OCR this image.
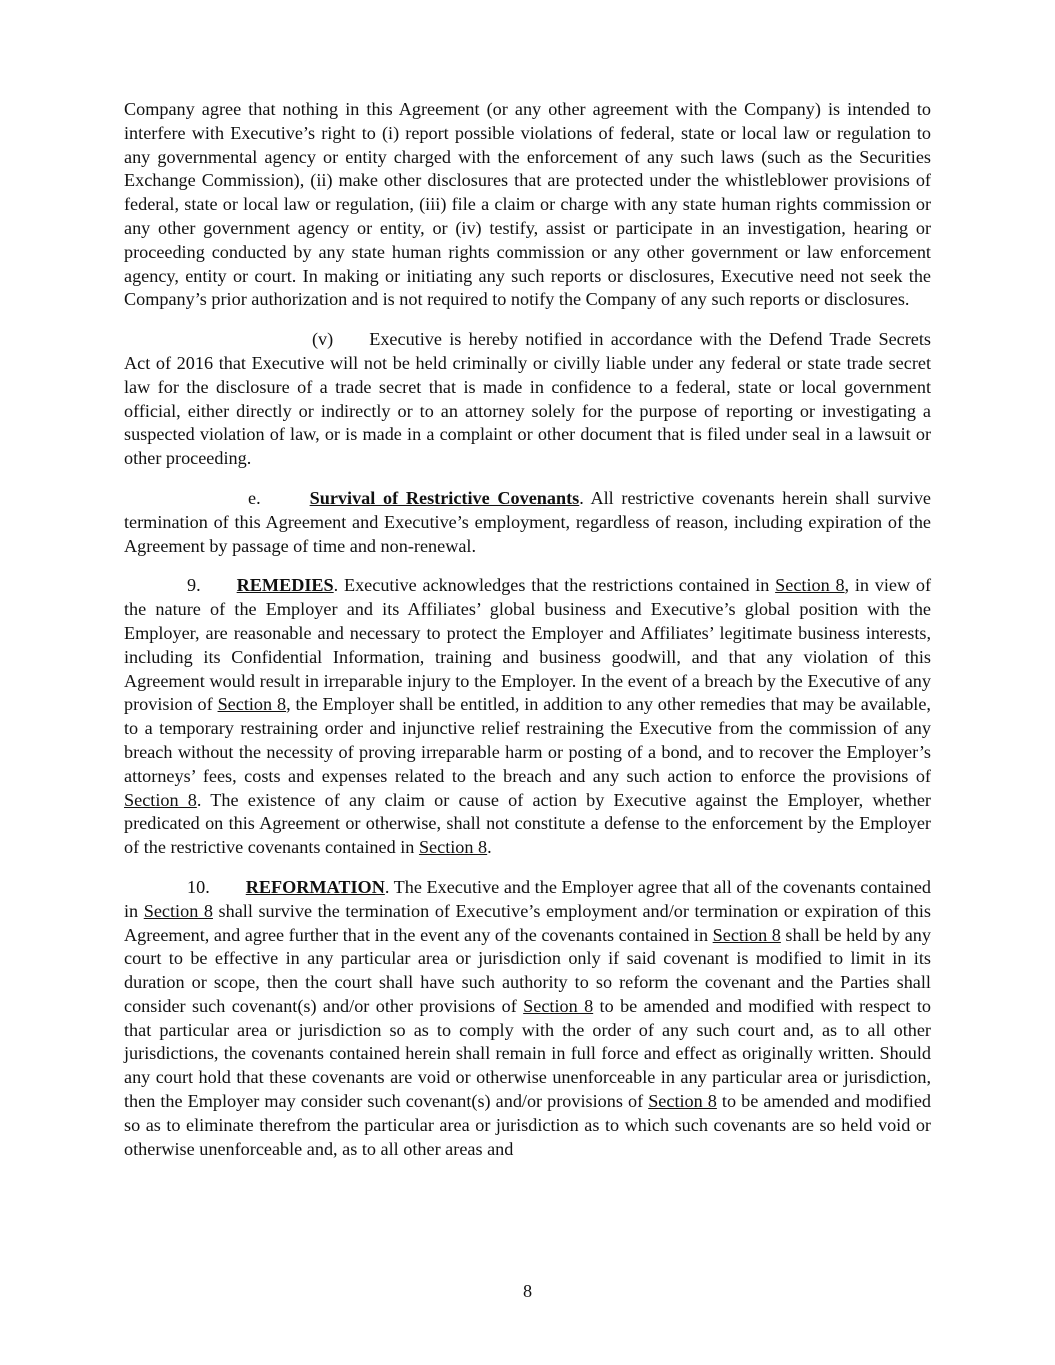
Company agree that nothing in this Agreement (or any other agreement with the Company) is intended to interfere with Executive’s right to (i) report possible violations of federal, state or local law or regulation to any governmental agency or entity charged with the enforcement of any such laws (such as the Securities Exchange Commission), (ii) make other disclosures that are protected under the whistleblower provisions of federal, state or local law or regulation, (iii) file a claim or charge with any state human rights commission or any other government agency or entity, or (iv) testify, assist or participate in an investigation, hearing or proceeding conducted by any state human rights commission or any other government or law enforcement agency, entity or court. In making or initiating any such reports or disclosures, Executive need not seek the Company’s prior authorization and is not required to notify the Company of any such reports or disclosures.

(v) Executive is hereby notified in accordance with the Defend Trade Secrets Act of 2016 that Executive will not be held criminally or civilly liable under any federal or state trade secret law for the disclosure of a trade secret that is made in confidence to a federal, state or local government official, either directly or indirectly or to an attorney solely for the purpose of reporting or investigating a suspected violation of law, or is made in a complaint or other document that is filed under seal in a lawsuit or other proceeding.

e.	Survival of Restrictive Covenants. All restrictive covenants herein shall survive termination of this Agreement and Executive’s employment, regardless of reason, including expiration of the Agreement by passage of time and non-renewal.

9. REMEDIES. Executive acknowledges that the restrictions contained in Section 8, in view of the nature of the Employer and its Affiliates’ global business and Executive’s global position with the Employer, are reasonable and necessary to protect the Employer and Affiliates’ legitimate business interests, including its Confidential Information, training and business goodwill, and that any violation of this Agreement would result in irreparable injury to the Employer. In the event of a breach by the Executive of any provision of Section 8, the Employer shall be entitled, in addition to any other remedies that may be available, to a temporary restraining order and injunctive relief restraining the Executive from the commission of any breach without the necessity of proving irreparable harm or posting of a bond, and to recover the Employer’s attorneys’ fees, costs and expenses related to the breach and any such action to enforce the provisions of Section 8. The existence of any claim or cause of action by Executive against the Employer, whether predicated on this Agreement or otherwise, shall not constitute a defense to the enforcement by the Employer of the restrictive covenants contained in Section 8.

10. REFORMATION. The Executive and the Employer agree that all of the covenants contained in Section 8 shall survive the termination of Executive’s employment and/or termination or expiration of this Agreement, and agree further that in the event any of the covenants contained in Section 8 shall be held by any court to be effective in any particular area or jurisdiction only if said covenant is modified to limit in its duration or scope, then the court shall have such authority to so reform the covenant and the Parties shall consider such covenant(s) and/or other provisions of Section 8 to be amended and modified with respect to that particular area or jurisdiction so as to comply with the order of any such court and, as to all other jurisdictions, the covenants contained herein shall remain in full force and effect as originally written. Should any court hold that these covenants are void or otherwise unenforceable in any particular area or jurisdiction, then the Employer may consider such covenant(s) and/or provisions of Section 8 to be amended and modified so as to eliminate therefrom the particular area or jurisdiction as to which such covenants are so held void or otherwise unenforceable and, as to all other areas and

8
